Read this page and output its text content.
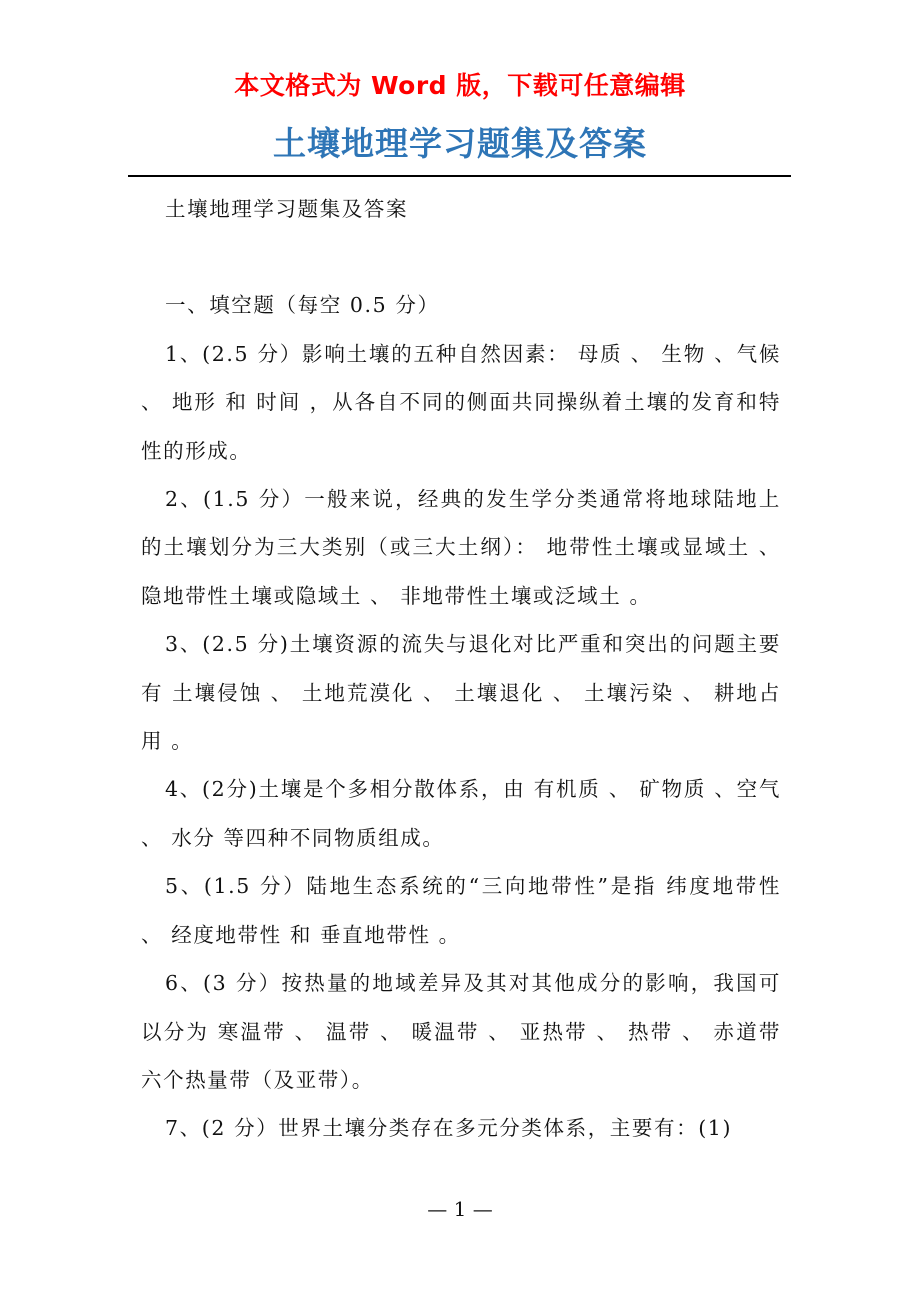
本文格式为 Word 版，下载可任意编辑
土壤地理学习题集及答案

土壤地理学习题集及答案

一、填空题（每空 0.5 分）

1、(2.5 分）影响土壤的五种自然因素： 母质 、 生物 、气候 、 地形 和 时间 ，从各自不同的侧面共同操纵着土壤的发育和特性的形成。

2、(1.5 分）一般来说，经典的发生学分类通常将地球陆地上的土壤划分为三大类别（或三大土纲）： 地带性土壤或显域土 、 隐地带性土壤或隐域土 、 非地带性土壤或泛域土 。

3、(2.5 分)土壤资源的流失与退化对比严重和突出的问题主要有 土壤侵蚀 、 土地荒漠化 、 土壤退化 、 土壤污染 、 耕地占用 。

4、(2分)土壤是个多相分散体系，由 有机质 、 矿物质 、空气 、 水分 等四种不同物质组成。

5、(1.5 分）陆地生态系统的“三向地带性”是指 纬度地带性 、 经度地带性 和 垂直地带性 。

6、(3 分）按热量的地域差异及其对其他成分的影响，我国可以分为 寒温带 、 温带 、 暖温带 、 亚热带 、 热带 、 赤道带 六个热量带（及亚带）。

7、(2 分）世界土壤分类存在多元分类体系，主要有：(1)

— 1 —
